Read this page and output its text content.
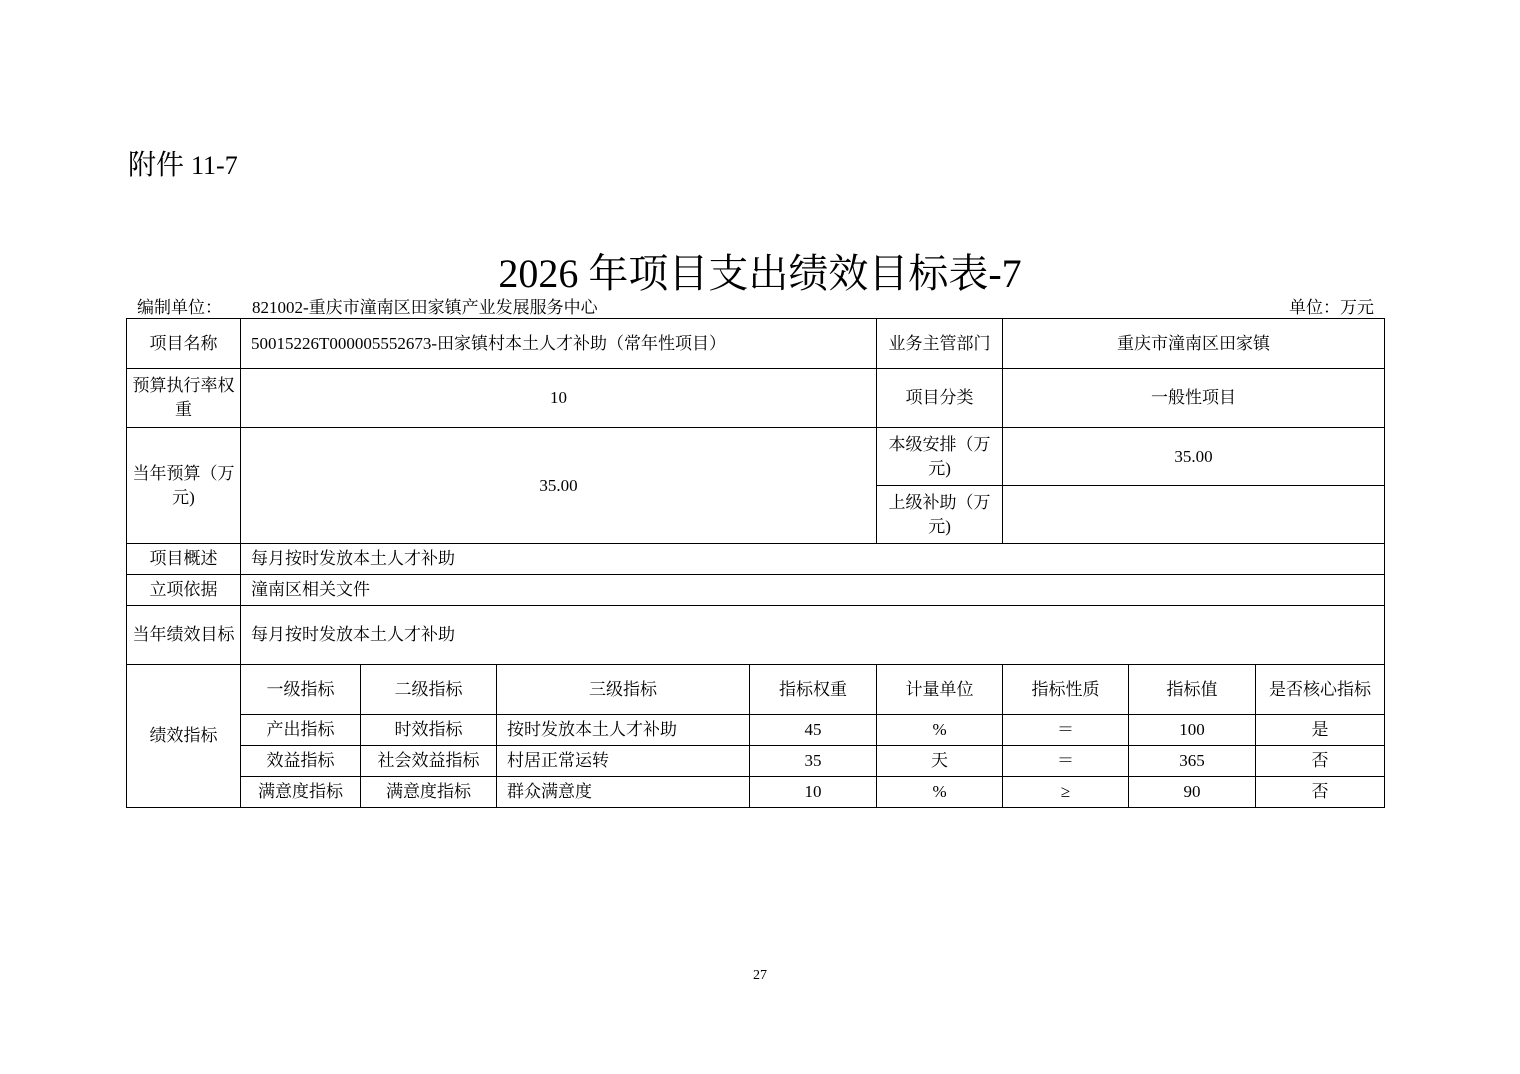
附件 11-7
2026 年项目支出绩效目标表-7
编制单位： 821002-重庆市潼南区田家镇产业发展服务中心	单位：万元
项目名称	50015226T000005552673-田家镇村本土人才补助（常年性项目）				业务主管部门	重庆市潼南区田家镇		
预算执行率权重	10				项目分类	一般性项目		
当年预算（万元)	35.00				本级安排（万元)	35.00		
					上级补助（万元)			
项目概述	每月按时发放本土人才补助							
立项依据	潼南区相关文件							
当年绩效目标	每月按时发放本土人才补助							
绩效指标	一级指标	二级指标	三级指标	指标权重	计量单位	指标性质	指标值	是否核心指标
	产出指标	时效指标	按时发放本土人才补助	45	%	＝	100	是
	效益指标	社会效益指标	村居正常运转	35	天	＝	365	否
	满意度指标	满意度指标	群众满意度	10	%	≥	90	否
27
